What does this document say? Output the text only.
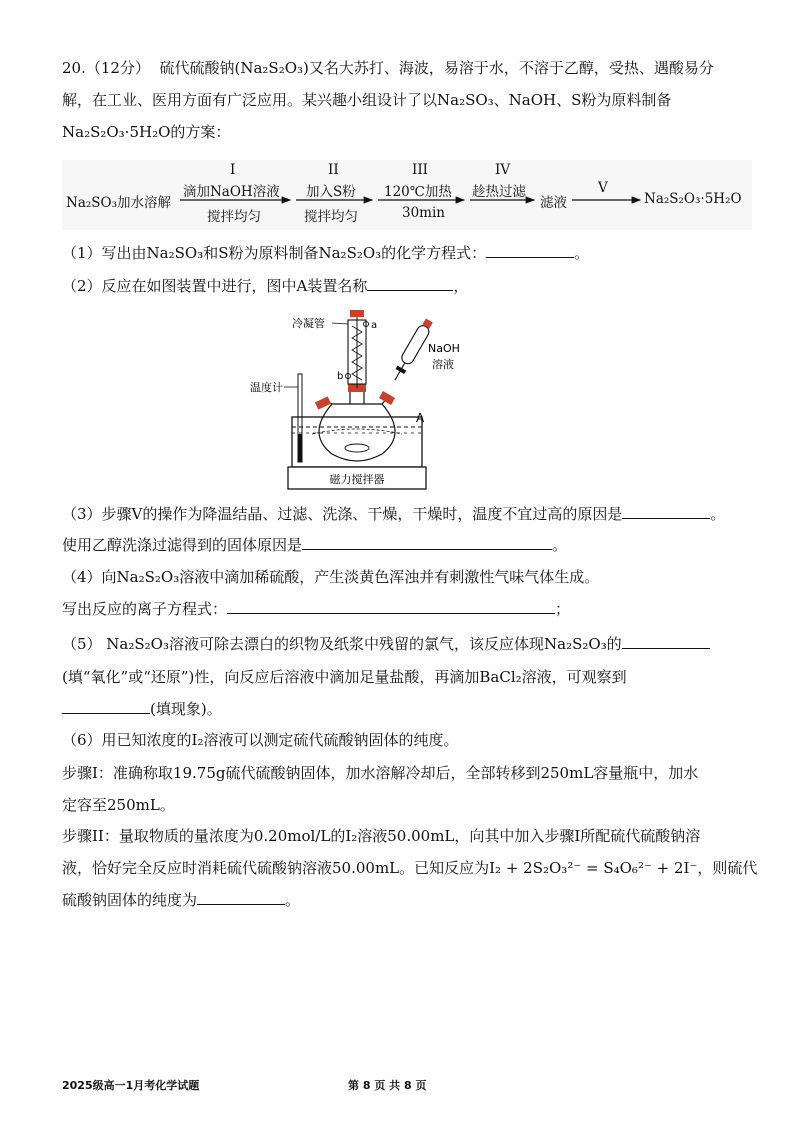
20.（12分） 硫代硫酸钠(Na₂S₂O₃)又名大苏打、海波，易溶于水，不溶于乙醇，受热、遇酸易分
解，在工业、医用方面有广泛应用。某兴趣小组设计了以Na₂SO₃、NaOH、S粉为原料制备
Na₂S₂O₃·5H₂O的方案：
Na₂SO₃加水溶解
I
滴加NaOH溶液
搅拌均匀
II
加入S粉
搅拌均匀
III
120℃加热
30min
IV
趁热过滤
滤液
V
Na₂S₂O₃·5H₂O
（1）写出由Na₂SO₃和S粉为原料制备Na₂S₂O₃的化学方程式：	。
（2）反应在如图装置中进行，图中A装置名称	，
磁力搅拌器
冷凝管	a
b
NaOH
溶液
温度计
A
（3）步骤V的操作为降温结晶、过滤、洗涤、干燥，干燥时，温度不宜过高的原因是	。
使用乙醇洗涤过滤得到的固体原因是	。
（4）向Na₂S₂O₃溶液中滴加稀硫酸，产生淡黄色浑浊并有刺激性气味气体生成。
写出反应的离子方程式：	；
（5） Na₂S₂O₃溶液可除去漂白的织物及纸浆中残留的氯气，该反应体现Na₂S₂O₃的
(填“氧化”或“还原”)性，向反应后溶液中滴加足量盐酸，再滴加BaCl₂溶液，可观察到
(填现象)。
（6）用已知浓度的I₂溶液可以测定硫代硫酸钠固体的纯度。
步骤I：准确称取19.75g硫代硫酸钠固体，加水溶解冷却后，全部转移到250mL容量瓶中，加水
定容至250mL。
步骤II：量取物质的量浓度为0.20mol/L的I₂溶液50.00mL，向其中加入步骤I所配硫代硫酸钠溶
液，恰好完全反应时消耗硫代硫酸钠溶液50.00mL。已知反应为I₂ + 2S₂O₃²⁻ = S₄O₆²⁻ + 2I⁻，则硫代
硫酸钠固体的纯度为	。
2025级高一1月考化学试题	第 8 页 共 8 页
